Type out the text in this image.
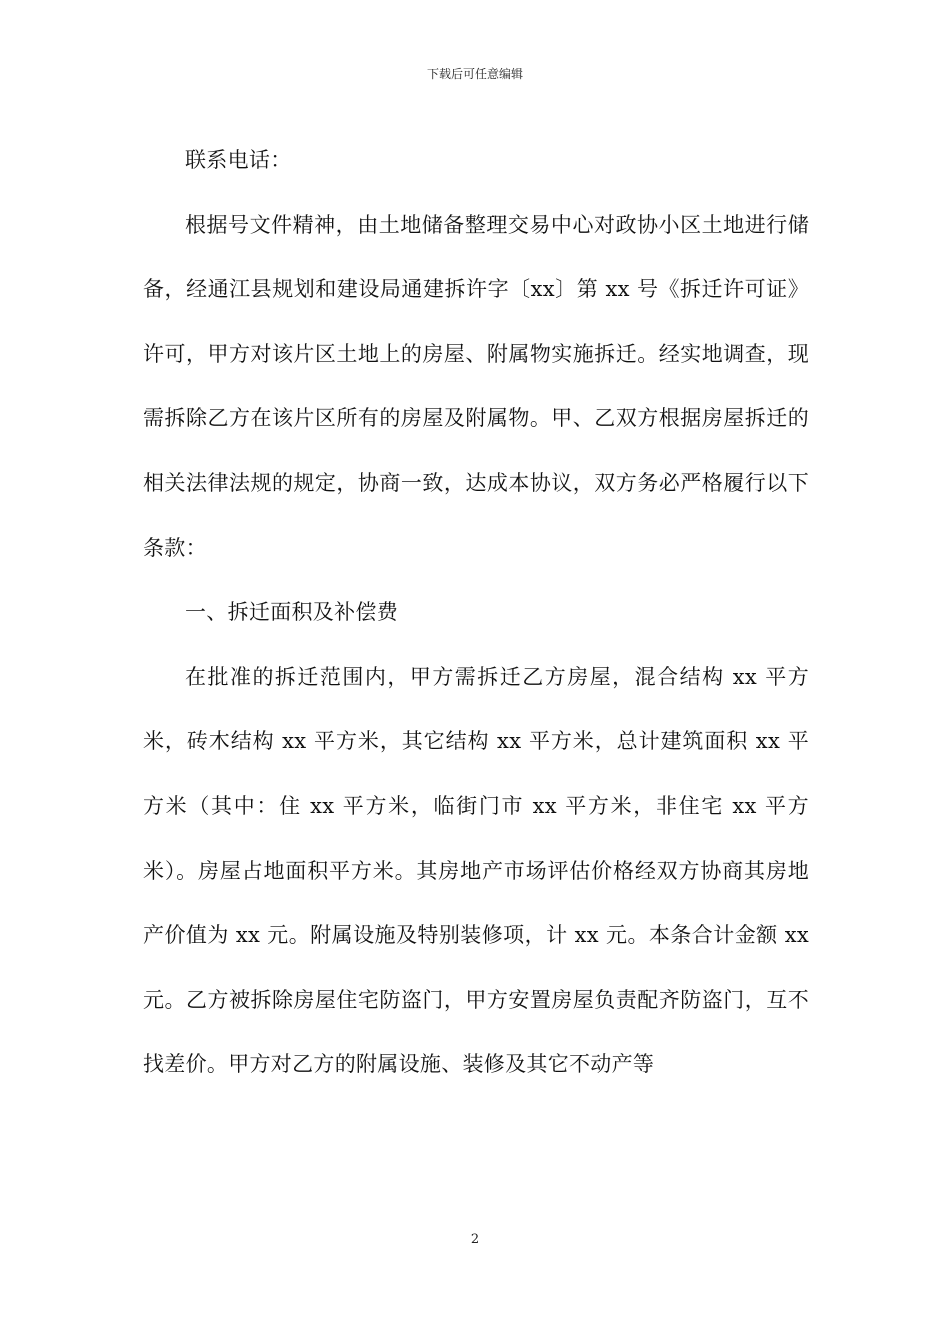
下载后可任意编辑

联系电话：

根据号文件精神，由土地储备整理交易中心对政协小区土地进行储备，经通江县规划和建设局通建拆许字〔xx〕第 xx 号《拆迁许可证》许可，甲方对该片区土地上的房屋、附属物实施拆迁。经实地调查，现需拆除乙方在该片区所有的房屋及附属物。甲、乙双方根据房屋拆迁的相关法律法规的规定，协商一致，达成本协议，双方务必严格履行以下条款：

一、拆迁面积及补偿费

在批准的拆迁范围内，甲方需拆迁乙方房屋，混合结构 xx 平方米，砖木结构 xx 平方米，其它结构 xx 平方米，总计建筑面积 xx 平方米（其中：住 xx 平方米，临街门市 xx 平方米，非住宅 xx 平方米）。房屋占地面积平方米。其房地产市场评估价格经双方协商其房地产价值为 xx 元。附属设施及特别装修项，计 xx 元。本条合计金额 xx 元。乙方被拆除房屋住宅防盗门，甲方安置房屋负责配齐防盗门，互不找差价。甲方对乙方的附属设施、装修及其它不动产等

2
